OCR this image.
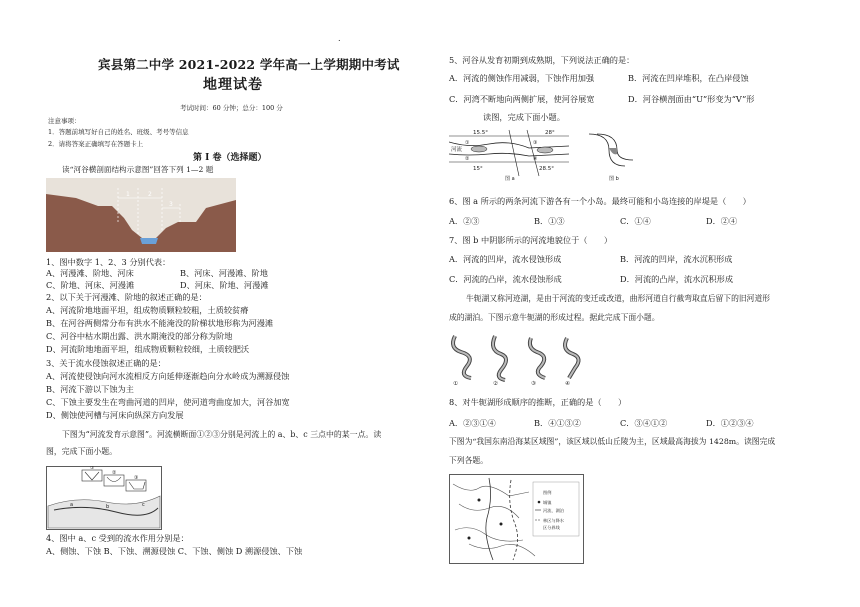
.
宾县第二中学 2021-2022 学年高一上学期期中考试
地理试卷
考试时间：60 分钟；总分：100 分
注意事项：
1．答题前填写好自己的姓名、班级、考号等信息
2．请将答案正确填写在答题卡上
第 I 卷（选择题）
读“河谷横剖面结构示意图”回答下列 1—2 题
1	2
3
1、图中数字 1、2、3 分别代表：
A、河漫滩、阶地、河床	B、河床、河漫滩、阶地
C、阶地、河床、河漫滩	D、河床、阶地、河漫滩
2、以下关于河漫滩、阶地的叙述正确的是：
A、河流阶地地面平坦，组成物质颗粒较粗，土质较贫瘠
B、在河谷两侧常分布有洪水不能淹没的阶梯状地形称为河漫滩
C、河谷中枯水期出露、洪水期淹没的部分称为阶地
D、河流阶地地面平坦，组成物质颗粒较细，土质较肥沃
3、关于流水侵蚀叙述正确的是：
A、河流使侵蚀向河水流相反方向延伸逐渐趋向分水岭成为溯源侵蚀
B、河流下游以下蚀为主
C、下蚀主要发生在弯曲河道的凹岸，使河道弯曲度加大，河谷加宽
D、侧蚀使河槽与河床向纵深方向发展
下图为“河流发育示意图”。河流横断面①②③分别是河流上的 a、b、c 三点中的某一点。读
图，完成下面小题。
①
②
③
a	b	c
4、图中 a、c 受到的流水作用分别是：
A、侧蚀、下蚀 B、下蚀、溯源侵蚀 C、下蚀、侧蚀 D 溯源侵蚀、下蚀
5、河谷从发育初期到成熟期，下列说法正确的是：
A．河流的侧蚀作用减弱，下蚀作用加强	B．河流在凹岸堆积，在凸岸侵蚀
C．河湾不断地向两侧扩展，使河谷展宽	D．河谷横剖面由“U”形变为“V”形
读图，完成下面小题。
15.5°
15°
28°
28.5°
河流
①
②
③
④
图 a	图 b
6、图 a 所示的两条河流下游各有一个小岛。最终可能和小岛连接的岸堤是（　　）
A．②③	B．①③	C．①④	D．②④
7、图 b 中阴影所示的河流地貌位于（　　）
A．河流的凹岸，流水侵蚀形成	B．河流的凹岸，流水沉积形成
C．河流的凸岸，流水侵蚀形成	D．河流的凸岸，流水沉积形成
牛轭湖又称河迹湖，是由于河流的变迁或改道，曲形河道自行截弯取直后留下的旧河道形
成的湖泊。下图示意牛轭湖的形成过程。据此完成下面小题。
①	②	③	④
8、对牛轭湖形成顺序的推断，正确的是（　　）
A．②③①④	B．④①③②	C．③④①②	D．①②③④
下图为“我国东南沿海某区域图”，该区域以低山丘陵为主，区域最高海拔为 1428m。读图完成
下列各题。
图例
城镇
河流、湖泊
林区与降水
区分界线
